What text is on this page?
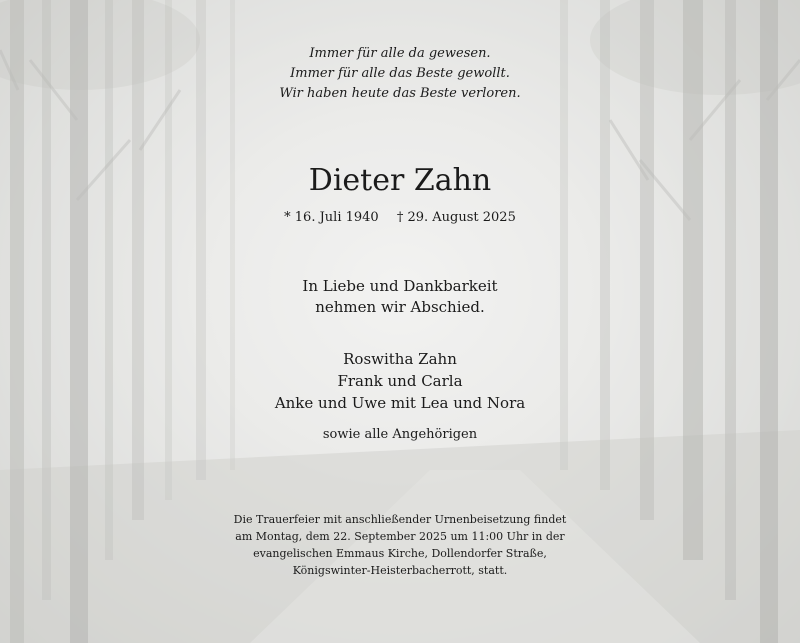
Immer für alle da gewesen.
Immer für alle das Beste gewollt.
Wir haben heute das Beste verloren.
Dieter Zahn
* 16. Juli 1940 † 29. August 2025
In Liebe und Dankbarkeit
nehmen wir Abschied.
Roswitha Zahn
Frank und Carla
Anke und Uwe mit Lea und Nora
sowie alle Angehörigen
Die Trauerfeier mit anschließender Urnenbeisetzung findet
am Montag, dem 22. September 2025 um 11:00 Uhr in der
evangelischen Emmaus Kirche, Dollendorfer Straße,
Königswinter-Heisterbacherrott, statt.
